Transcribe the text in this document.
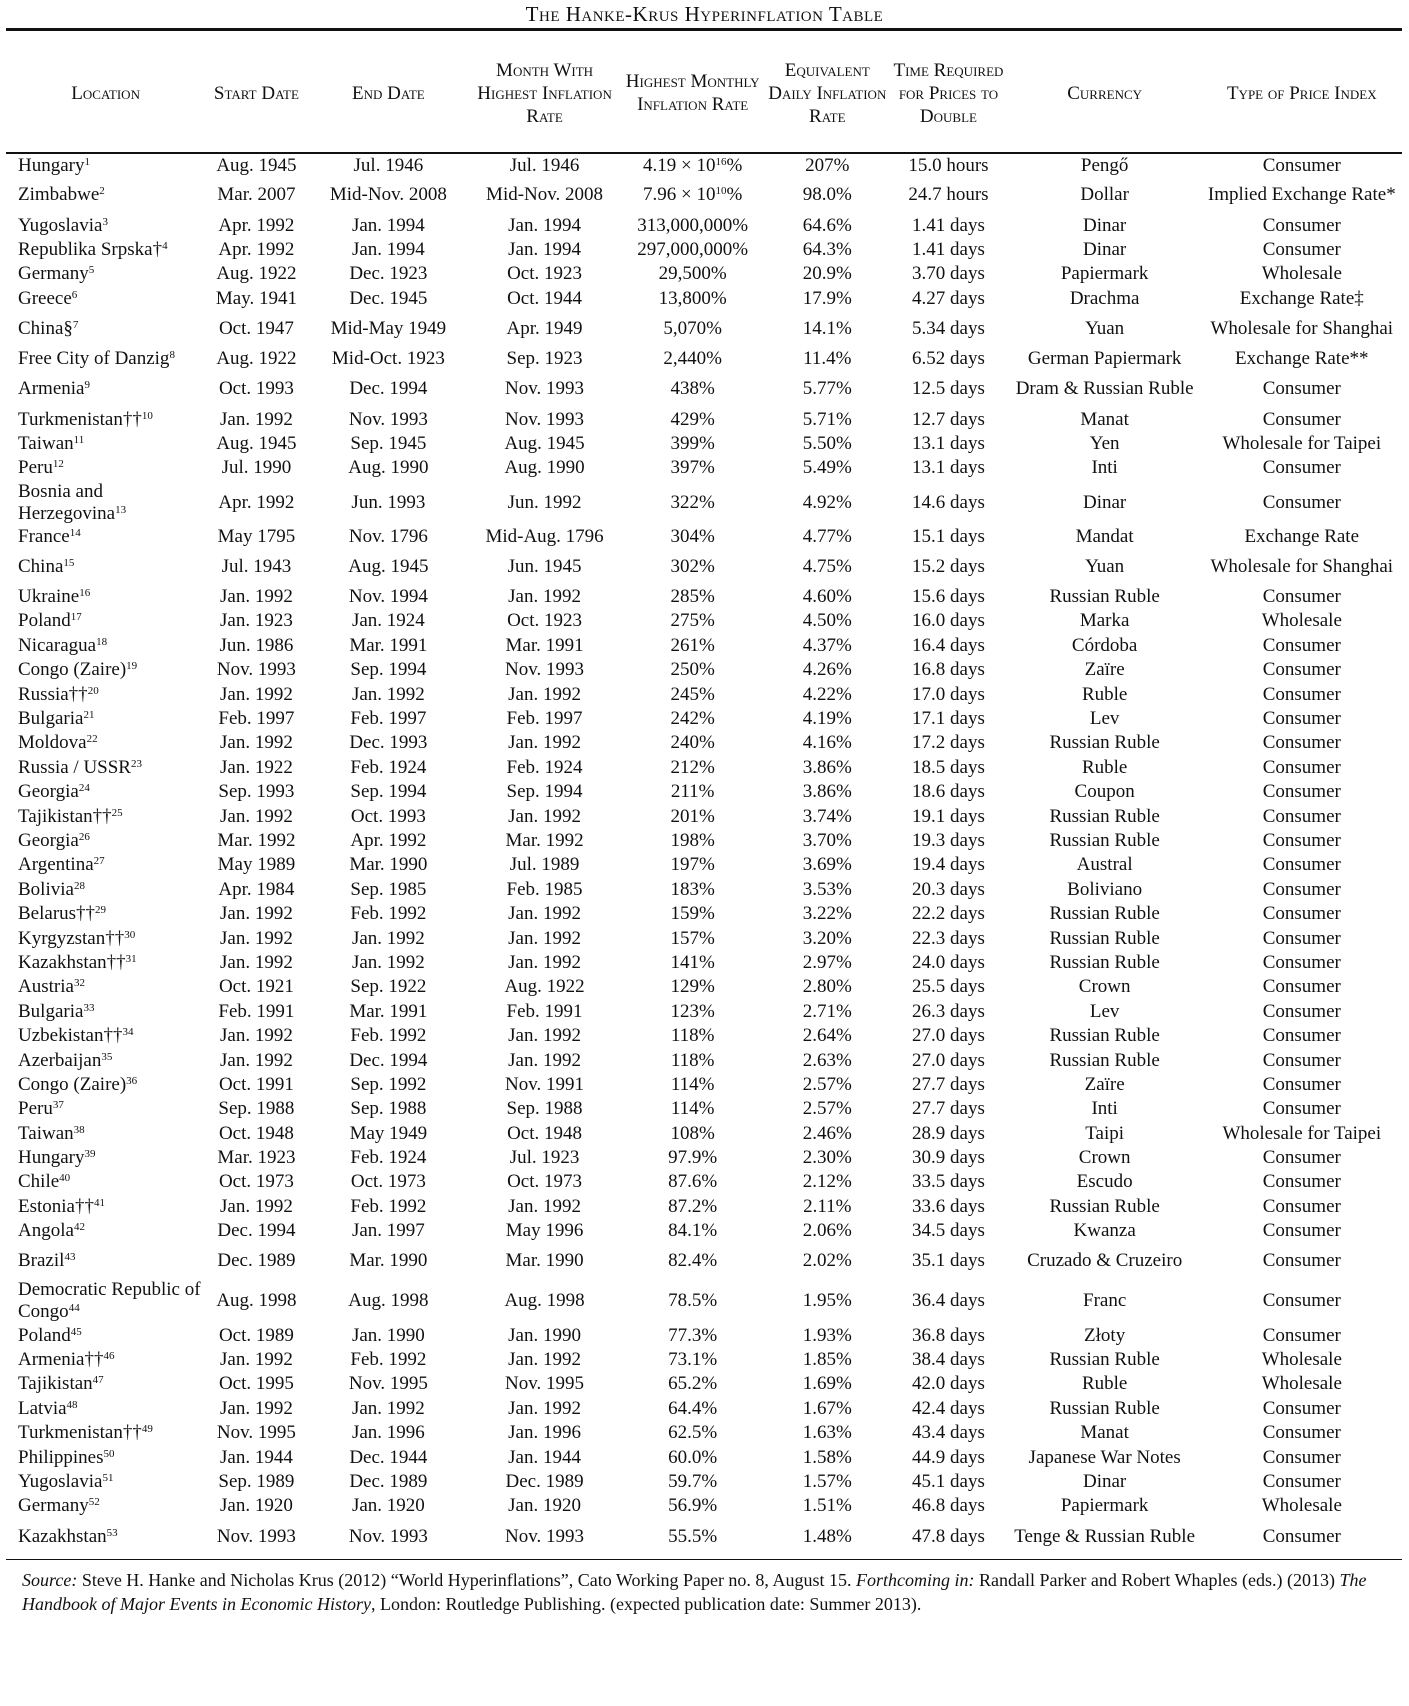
The Hanke-Krus Hyperinflation Table
Location	Start Date	End Date	Month With Highest Inflation Rate	Highest Monthly Inflation Rate	Equivalent Daily Inflation Rate	Time Required for Prices to Double	Currency	Type of Price Index
Hungary$^1$	Aug. 1945	Jul. 1946	Jul. 1946	$4.19 \times 10^{16}\%$	207%	15.0 hours	Pengő	Consumer
Zimbabwe$^2$	Mar. 2007	Mid-Nov. 2008	Mid-Nov. 2008	$7.96 \times 10^{10}\%$	98.0%	24.7 hours	Dollar	Implied Exchange Rate*
Yugoslavia$^3$	Apr. 1992	Jan. 1994	Jan. 1994	313,000,000%	64.6%	1.41 days	Dinar	Consumer
Republika Srpska†$^4$	Apr. 1992	Jan. 1994	Jan. 1994	297,000,000%	64.3%	1.41 days	Dinar	Consumer
Germany$^5$	Aug. 1922	Dec. 1923	Oct. 1923	29,500%	20.9%	3.70 days	Papiermark	Wholesale
Greece$^6$	May. 1941	Dec. 1945	Oct. 1944	13,800%	17.9%	4.27 days	Drachma	Exchange Rate‡
China§$^7$	Oct. 1947	Mid-May 1949	Apr. 1949	5,070%	14.1%	5.34 days	Yuan	Wholesale for Shanghai
Free City of Danzig$^8$	Aug. 1922	Mid-Oct. 1923	Sep. 1923	2,440%	11.4%	6.52 days	German Papiermark	Exchange Rate**
Armenia$^9$	Oct. 1993	Dec. 1994	Nov. 1993	438%	5.77%	12.5 days	Dram & Russian Ruble	Consumer
Turkmenistan††$^{10}$	Jan. 1992	Nov. 1993	Nov. 1993	429%	5.71%	12.7 days	Manat	Consumer
Taiwan$^{11}$	Aug. 1945	Sep. 1945	Aug. 1945	399%	5.50%	13.1 days	Yen	Wholesale for Taipei
Peru$^{12}$	Jul. 1990	Aug. 1990	Aug. 1990	397%	5.49%	13.1 days	Inti	Consumer
Bosnia and Herzegovina$^{13}$	Apr. 1992	Jun. 1993	Jun. 1992	322%	4.92%	14.6 days	Dinar	Consumer
France$^{14}$	May 1795	Nov. 1796	Mid-Aug. 1796	304%	4.77%	15.1 days	Mandat	Exchange Rate
China$^{15}$	Jul. 1943	Aug. 1945	Jun. 1945	302%	4.75%	15.2 days	Yuan	Wholesale for Shanghai
Ukraine$^{16}$	Jan. 1992	Nov. 1994	Jan. 1992	285%	4.60%	15.6 days	Russian Ruble	Consumer
Poland$^{17}$	Jan. 1923	Jan. 1924	Oct. 1923	275%	4.50%	16.0 days	Marka	Wholesale
Nicaragua$^{18}$	Jun. 1986	Mar. 1991	Mar. 1991	261%	4.37%	16.4 days	Córdoba	Consumer
Congo (Zaire)$^{19}$	Nov. 1993	Sep. 1994	Nov. 1993	250%	4.26%	16.8 days	Zaïre	Consumer
Russia††$^{20}$	Jan. 1992	Jan. 1992	Jan. 1992	245%	4.22%	17.0 days	Ruble	Consumer
Bulgaria$^{21}$	Feb. 1997	Feb. 1997	Feb. 1997	242%	4.19%	17.1 days	Lev	Consumer
Moldova$^{22}$	Jan. 1992	Dec. 1993	Jan. 1992	240%	4.16%	17.2 days	Russian Ruble	Consumer
Russia / USSR$^{23}$	Jan. 1922	Feb. 1924	Feb. 1924	212%	3.86%	18.5 days	Ruble	Consumer
Georgia$^{24}$	Sep. 1993	Sep. 1994	Sep. 1994	211%	3.86%	18.6 days	Coupon	Consumer
Tajikistan††$^{25}$	Jan. 1992	Oct. 1993	Jan. 1992	201%	3.74%	19.1 days	Russian Ruble	Consumer
Georgia$^{26}$	Mar. 1992	Apr. 1992	Mar. 1992	198%	3.70%	19.3 days	Russian Ruble	Consumer
Argentina$^{27}$	May 1989	Mar. 1990	Jul. 1989	197%	3.69%	19.4 days	Austral	Consumer
Bolivia$^{28}$	Apr. 1984	Sep. 1985	Feb. 1985	183%	3.53%	20.3 days	Boliviano	Consumer
Belarus††$^{29}$	Jan. 1992	Feb. 1992	Jan. 1992	159%	3.22%	22.2 days	Russian Ruble	Consumer
Kyrgyzstan††$^{30}$	Jan. 1992	Jan. 1992	Jan. 1992	157%	3.20%	22.3 days	Russian Ruble	Consumer
Kazakhstan††$^{31}$	Jan. 1992	Jan. 1992	Jan. 1992	141%	2.97%	24.0 days	Russian Ruble	Consumer
Austria$^{32}$	Oct. 1921	Sep. 1922	Aug. 1922	129%	2.80%	25.5 days	Crown	Consumer
Bulgaria$^{33}$	Feb. 1991	Mar. 1991	Feb. 1991	123%	2.71%	26.3 days	Lev	Consumer
Uzbekistan††$^{34}$	Jan. 1992	Feb. 1992	Jan. 1992	118%	2.64%	27.0 days	Russian Ruble	Consumer
Azerbaijan$^{35}$	Jan. 1992	Dec. 1994	Jan. 1992	118%	2.63%	27.0 days	Russian Ruble	Consumer
Congo (Zaire)$^{36}$	Oct. 1991	Sep. 1992	Nov. 1991	114%	2.57%	27.7 days	Zaïre	Consumer
Peru$^{37}$	Sep. 1988	Sep. 1988	Sep. 1988	114%	2.57%	27.7 days	Inti	Consumer
Taiwan$^{38}$	Oct. 1948	May 1949	Oct. 1948	108%	2.46%	28.9 days	Taipi	Wholesale for Taipei
Hungary$^{39}$	Mar. 1923	Feb. 1924	Jul. 1923	97.9%	2.30%	30.9 days	Crown	Consumer
Chile$^{40}$	Oct. 1973	Oct. 1973	Oct. 1973	87.6%	2.12%	33.5 days	Escudo	Consumer
Estonia††$^{41}$	Jan. 1992	Feb. 1992	Jan. 1992	87.2%	2.11%	33.6 days	Russian Ruble	Consumer
Angola$^{42}$	Dec. 1994	Jan. 1997	May 1996	84.1%	2.06%	34.5 days	Kwanza	Consumer
Brazil$^{43}$	Dec. 1989	Mar. 1990	Mar. 1990	82.4%	2.02%	35.1 days	Cruzado & Cruzeiro	Consumer
Democratic Republic of Congo$^{44}$	Aug. 1998	Aug. 1998	Aug. 1998	78.5%	1.95%	36.4 days	Franc	Consumer
Poland$^{45}$	Oct. 1989	Jan. 1990	Jan. 1990	77.3%	1.93%	36.8 days	Złoty	Consumer
Armenia††$^{46}$	Jan. 1992	Feb. 1992	Jan. 1992	73.1%	1.85%	38.4 days	Russian Ruble	Wholesale
Tajikistan$^{47}$	Oct. 1995	Nov. 1995	Nov. 1995	65.2%	1.69%	42.0 days	Ruble	Wholesale
Latvia$^{48}$	Jan. 1992	Jan. 1992	Jan. 1992	64.4%	1.67%	42.4 days	Russian Ruble	Consumer
Turkmenistan††$^{49}$	Nov. 1995	Jan. 1996	Jan. 1996	62.5%	1.63%	43.4 days	Manat	Consumer
Philippines$^{50}$	Jan. 1944	Dec. 1944	Jan. 1944	60.0%	1.58%	44.9 days	Japanese War Notes	Consumer
Yugoslavia$^{51}$	Sep. 1989	Dec. 1989	Dec. 1989	59.7%	1.57%	45.1 days	Dinar	Consumer
Germany$^{52}$	Jan. 1920	Jan. 1920	Jan. 1920	56.9%	1.51%	46.8 days	Papiermark	Wholesale
Kazakhstan$^{53}$	Nov. 1993	Nov. 1993	Nov. 1993	55.5%	1.48%	47.8 days	Tenge & Russian Ruble	Consumer
Source: Steve H. Hanke and Nicholas Krus (2012) “World Hyperinflations”, Cato Working Paper no. 8, August 15. Forthcoming in: Randall Parker and Robert Whaples (eds.) (2013) The Handbook of Major Events in Economic History, London: Routledge Publishing. (expected publication date: Summer 2013).
